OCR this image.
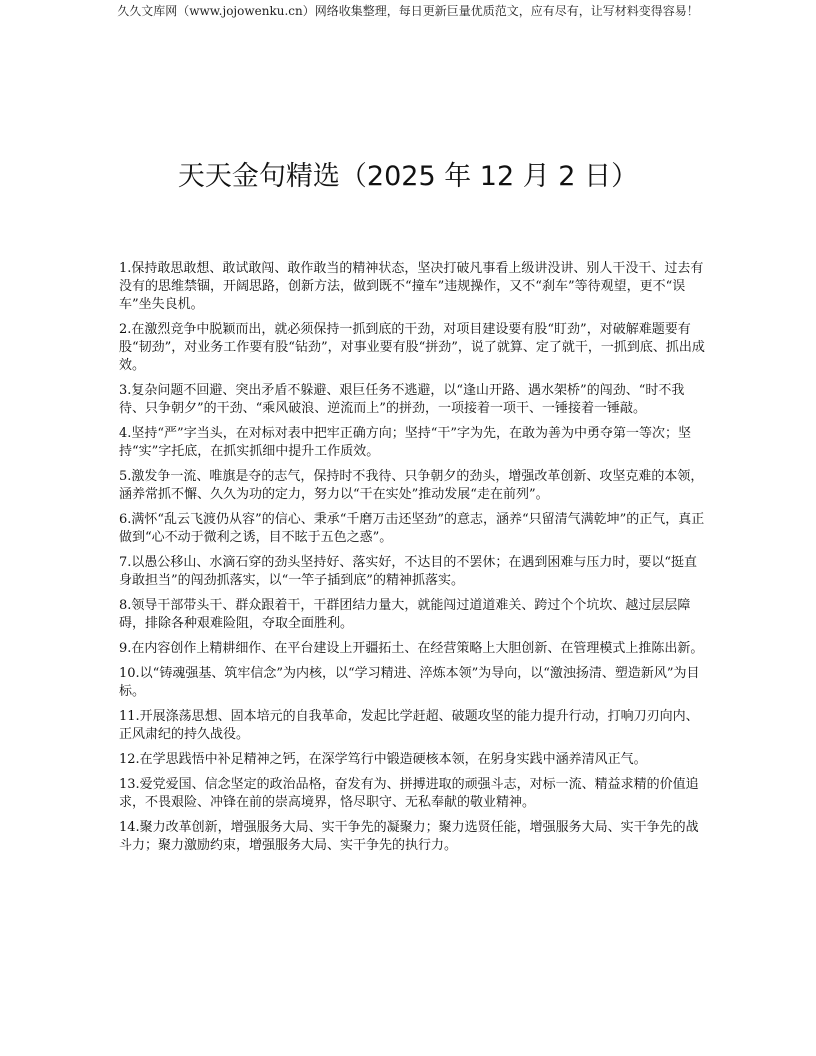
久久文库网（www.jojowenku.cn）网络收集整理，每日更新巨量优质范文，应有尽有，让写材料变得容易！
天天金句精选（2025 年 12 月 2 日）
1.保持敢思敢想、敢试敢闯、敢作敢当的精神状态，坚决打破凡事看上级讲没讲、别人干没干、过去有没有的思维禁锢，开阔思路，创新方法，做到既不“撞车”违规操作，又不“刹车”等待观望，更不“误车”坐失良机。
2.在激烈竞争中脱颖而出，就必须保持一抓到底的干劲，对项目建设要有股“盯劲”，对破解难题要有股“韧劲”，对业务工作要有股“钻劲”，对事业要有股“拼劲”，说了就算、定了就干，一抓到底、抓出成效。
3.复杂问题不回避、突出矛盾不躲避、艰巨任务不逃避，以“逢山开路、遇水架桥”的闯劲、“时不我待、只争朝夕”的干劲、“乘风破浪、逆流而上”的拼劲，一项接着一项干、一锤接着一锤敲。
4.坚持“严”字当头，在对标对表中把牢正确方向；坚持“干”字为先，在敢为善为中勇夺第一等次；坚持“实”字托底，在抓实抓细中提升工作质效。
5.激发争一流、唯旗是夺的志气，保持时不我待、只争朝夕的劲头，增强改革创新、攻坚克难的本领，涵养常抓不懈、久久为功的定力，努力以“干在实处”推动发展“走在前列”。
6.满怀“乱云飞渡仍从容”的信心、秉承“千磨万击还坚劲”的意志，涵养“只留清气满乾坤”的正气，真正做到“心不动于微利之诱，目不眩于五色之惑”。
7.以愚公移山、水滴石穿的劲头坚持好、落实好，不达目的不罢休；在遇到困难与压力时，要以“挺直身敢担当”的闯劲抓落实，以“一竿子插到底”的精神抓落实。
8.领导干部带头干、群众跟着干，干群团结力量大，就能闯过道道难关、跨过个个坑坎、越过层层障碍，排除各种艰难险阻，夺取全面胜利。
9.在内容创作上精耕细作、在平台建设上开疆拓土、在经营策略上大胆创新、在管理模式上推陈出新。
10.以“铸魂强基、筑牢信念”为内核，以“学习精进、淬炼本领”为导向，以“激浊扬清、塑造新风”为目标。
11.开展涤荡思想、固本培元的自我革命，发起比学赶超、破题攻坚的能力提升行动，打响刀刃向内、正风肃纪的持久战役。
12.在学思践悟中补足精神之钙，在深学笃行中锻造硬核本领，在躬身实践中涵养清风正气。
13.爱党爱国、信念坚定的政治品格，奋发有为、拼搏进取的顽强斗志，对标一流、精益求精的价值追求，不畏艰险、冲锋在前的崇高境界，恪尽职守、无私奉献的敬业精神。
14.聚力改革创新，增强服务大局、实干争先的凝聚力；聚力选贤任能，增强服务大局、实干争先的战斗力；聚力激励约束，增强服务大局、实干争先的执行力。
